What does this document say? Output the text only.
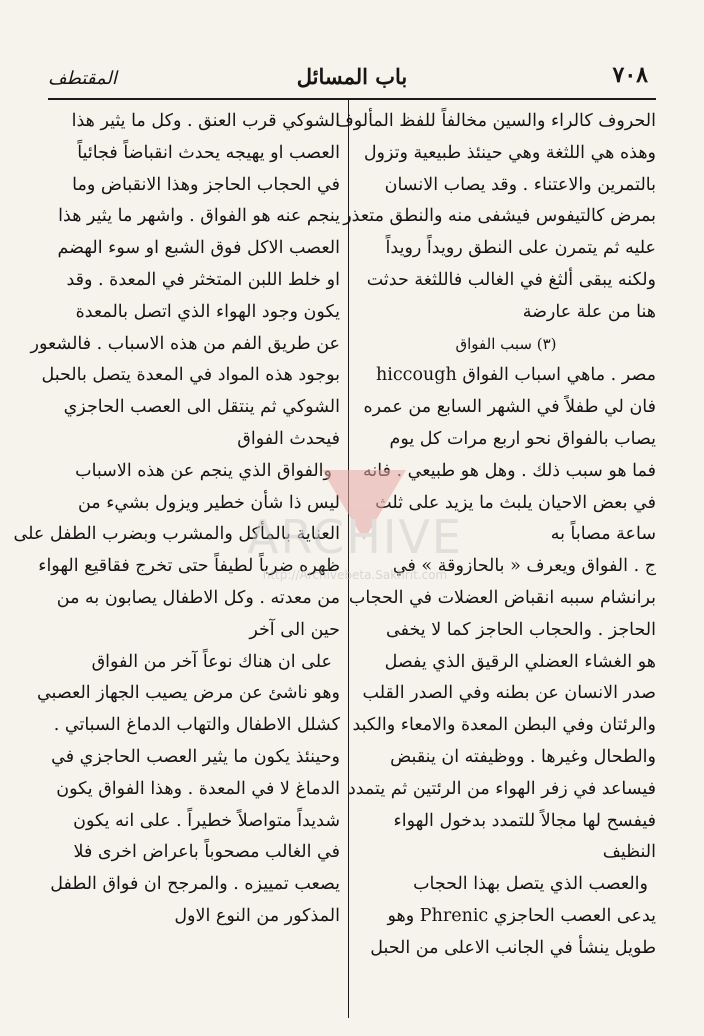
المقتطف	باب المسائل	٧٠٨
الحروف كالراء والسين مخالفاً للفظ المألوف
وهذه هي اللثغة وهي حينئذ طبيعية وتزول
بالتمرين والاعتناء . وقد يصاب الانسان
بمرض كالتيفوس فيشفى منه والنطق متعذر
عليه ثم يتمرن على النطق رويداً رويداً
ولكنه يبقى ألثغ في الغالب فاللثغة حدثت
هنا من علة عارضة
(٣) سبب الفواق
مصر . ماهي اسباب الفواق hiccough
فان لي طفلاً في الشهر السابع من عمره
يصاب بالفواق نحو اربع مرات كل يوم
فما هو سبب ذلك . وهل هو طبيعي . فانه
في بعض الاحيان يلبث ما يزيد على ثلث
ساعة مصاباً به
ج . الفواق ويعرف « بالحازوقة » في
برانشام سببه انقباض العضلات في الحجاب
الحاجز . والحجاب الحاجز كما لا يخفى
هو الغشاء العضلي الرقيق الذي يفصل
صدر الانسان عن بطنه وفي الصدر القلب
والرئتان وفي البطن المعدة والامعاء والكبد
والطحال وغيرها . ووظيفته ان ينقبض
فيساعد في زفر الهواء من الرئتين ثم يتمدد
فيفسح لها مجالاً للتمدد بدخول الهواء
النظيف
والعصب الذي يتصل بهذا الحجاب
يدعى العصب الحاجزي Phrenic وهو
طويل ينشأ في الجانب الاعلى من الحبل
الشوكي قرب العنق . وكل ما يثير هذا
العصب او يهيجه يحدث انقباضاً فجائياً
في الحجاب الحاجز وهذا الانقباض وما
ينجم عنه هو الفواق . واشهر ما يثير هذا
العصب الاكل فوق الشبع او سوء الهضم
او خلط اللبن المتخثر في المعدة . وقد
يكون وجود الهواء الذي اتصل بالمعدة
عن طريق الفم من هذه الاسباب . فالشعور
بوجود هذه المواد في المعدة يتصل بالحبل
الشوكي ثم ينتقل الى العصب الحاجزي
فيحدث الفواق
والفواق الذي ينجم عن هذه الاسباب
ليس ذا شأن خطير ويزول بشيء من
العناية بالمأكل والمشرب وبضرب الطفل على
ظهره ضرباً لطيفاً حتى تخرج فقاقيع الهواء
من معدته . وكل الاطفال يصابون به من
حين الى آخر
على ان هناك نوعاً آخر من الفواق
وهو ناشئ عن مرض يصيب الجهاز العصبي
كشلل الاطفال والتهاب الدماغ السباتي .
وحينئذ يكون ما يثير العصب الحاجزي في
الدماغ لا في المعدة . وهذا الفواق يكون
شديداً متواصلاً خطيراً . على انه يكون
في الغالب مصحوباً باعراض اخرى فلا
يصعب تمييزه . والمرجح ان فواق الطفل
المذكور من النوع الاول
ARCHIVE
http://Archivebeta.Sakhrit.com
